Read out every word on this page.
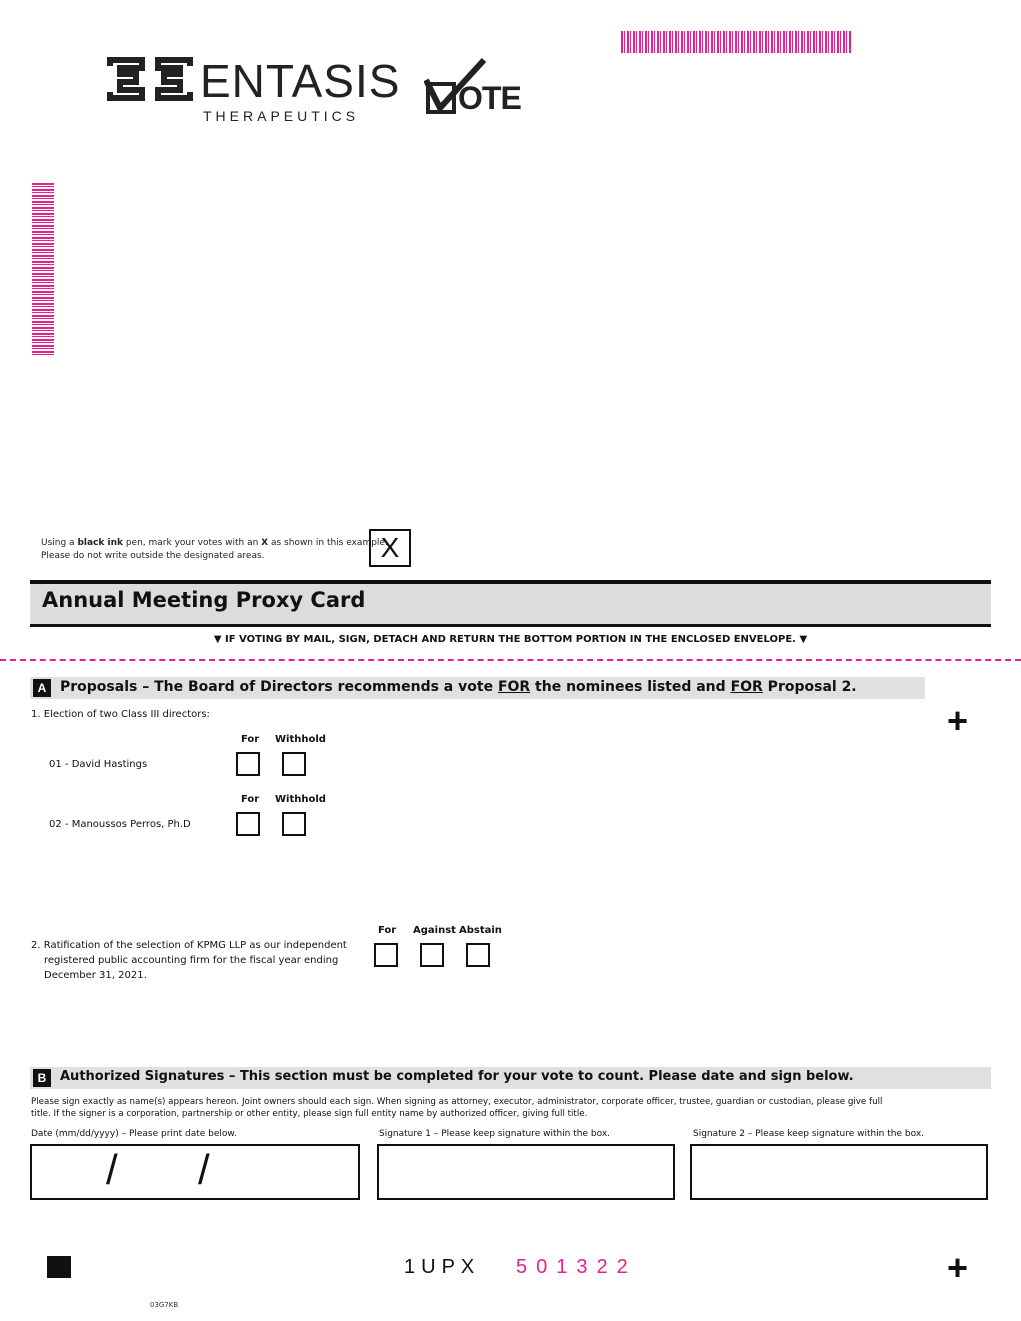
ENTASIS
THERAPEUTICS	OTE
Using a black ink pen, mark your votes with an X as shown in this example.
Please do not write outside the designated areas.	X
Annual Meeting Proxy Card
▼ IF VOTING BY MAIL, SIGN, DETACH AND RETURN THE BOTTOM PORTION IN THE ENCLOSED ENVELOPE. ▼
A Proposals – The Board of Directors recommends a vote FOR the nominees listed and FOR Proposal 2.
+
1. Election of two Class III directors:
For Withhold
01 - David Hastings
For Withhold
02 - Manoussos Perros, Ph.D
2. Ratification of the selection of KPMG LLP as our independent
registered public accounting firm for the fiscal year ending
December 31, 2021.
For Against Abstain
B	Authorized Signatures – This section must be completed for your vote to count. Please date and sign below.
Please sign exactly as name(s) appears hereon. Joint owners should each sign. When signing as attorney, executor, administrator, corporate officer, trustee, guardian or custodian, please give full
title. If the signer is a corporation, partnership or other entity, please sign full entity name by authorized officer, giving full title.
Date (mm/dd/yyyy) – Please print date below.	Signature 1 – Please keep signature within the box.	Signature 2 – Please keep signature within the box.
/ /
1UPX 501322	+
03G7KB
